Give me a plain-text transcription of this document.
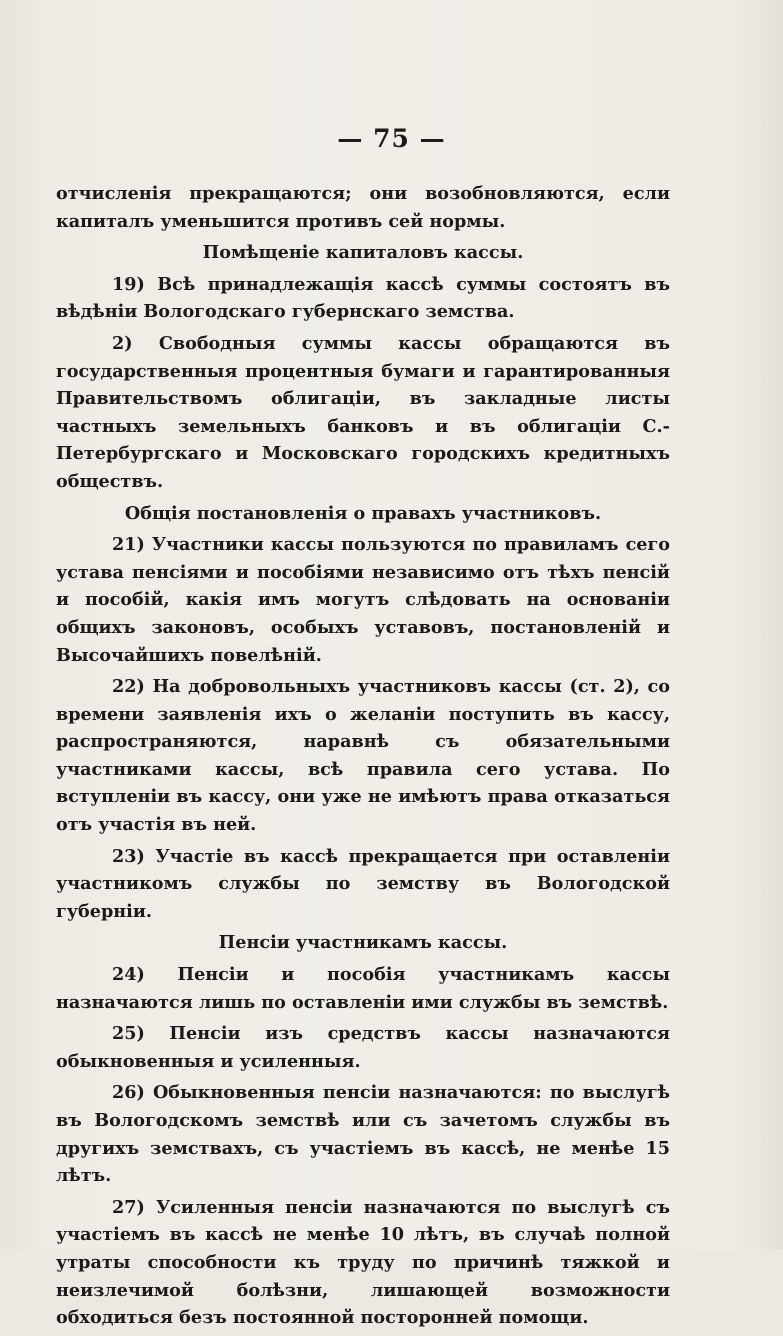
— 75 —

отчисленія прекращаются; они возобновляются, если капиталъ уменьшится противъ сей нормы.

Помѣщеніе капиталовъ кассы.

19) Всѣ принадлежащія кассѣ суммы состоятъ въ вѣдѣніи Вологодскаго губернскаго земства.

2) Свободныя суммы кассы обращаются въ государственныя процентныя бумаги и гарантированныя Правительствомъ облигаціи, въ закладные листы частныхъ земельныхъ банковъ и въ облигаціи С.-Петербургскаго и Московскаго городскихъ кредитныхъ обществъ.

Общія постановленія о правахъ участниковъ.

21) Участники кассы пользуются по правиламъ сего устава пенсіями и пособіями независимо отъ тѣхъ пенсій и пособій, какія имъ могутъ слѣдовать на основаніи общихъ законовъ, особыхъ уставовъ, постановленій и Высочайшихъ повелѣній.

22) На добровольныхъ участниковъ кассы (ст. 2), со времени заявленія ихъ о желаніи поступить въ кассу, распространяются, наравнѣ съ обязательными участниками кассы, всѣ правила сего устава. По вступленіи въ кассу, они уже не имѣютъ права отказаться отъ участія въ ней.

23) Участіе въ кассѣ прекращается при оставленіи участникомъ службы по земству въ Вологодской губерніи.

Пенсіи участникамъ кассы.

24) Пенсіи и пособія участникамъ кассы назначаются лишь по оставленіи ими службы въ земствѣ.

25) Пенсіи изъ средствъ кассы назначаются обыкновенныя и усиленныя.

26) Обыкновенныя пенсіи назначаются: по выслугѣ въ Вологодскомъ земствѣ или съ зачетомъ службы въ другихъ земствахъ, съ участіемъ въ кассѣ, не менѣе 15 лѣтъ.

27) Усиленныя пенсіи назначаются по выслугѣ съ участіемъ въ кассѣ не менѣе 10 лѣтъ, въ случаѣ полной утраты способности къ труду по причинѣ тяжкой и неизлечимой болѣзни, лишающей возможности обходиться безъ постоянной посторонней помощи.
